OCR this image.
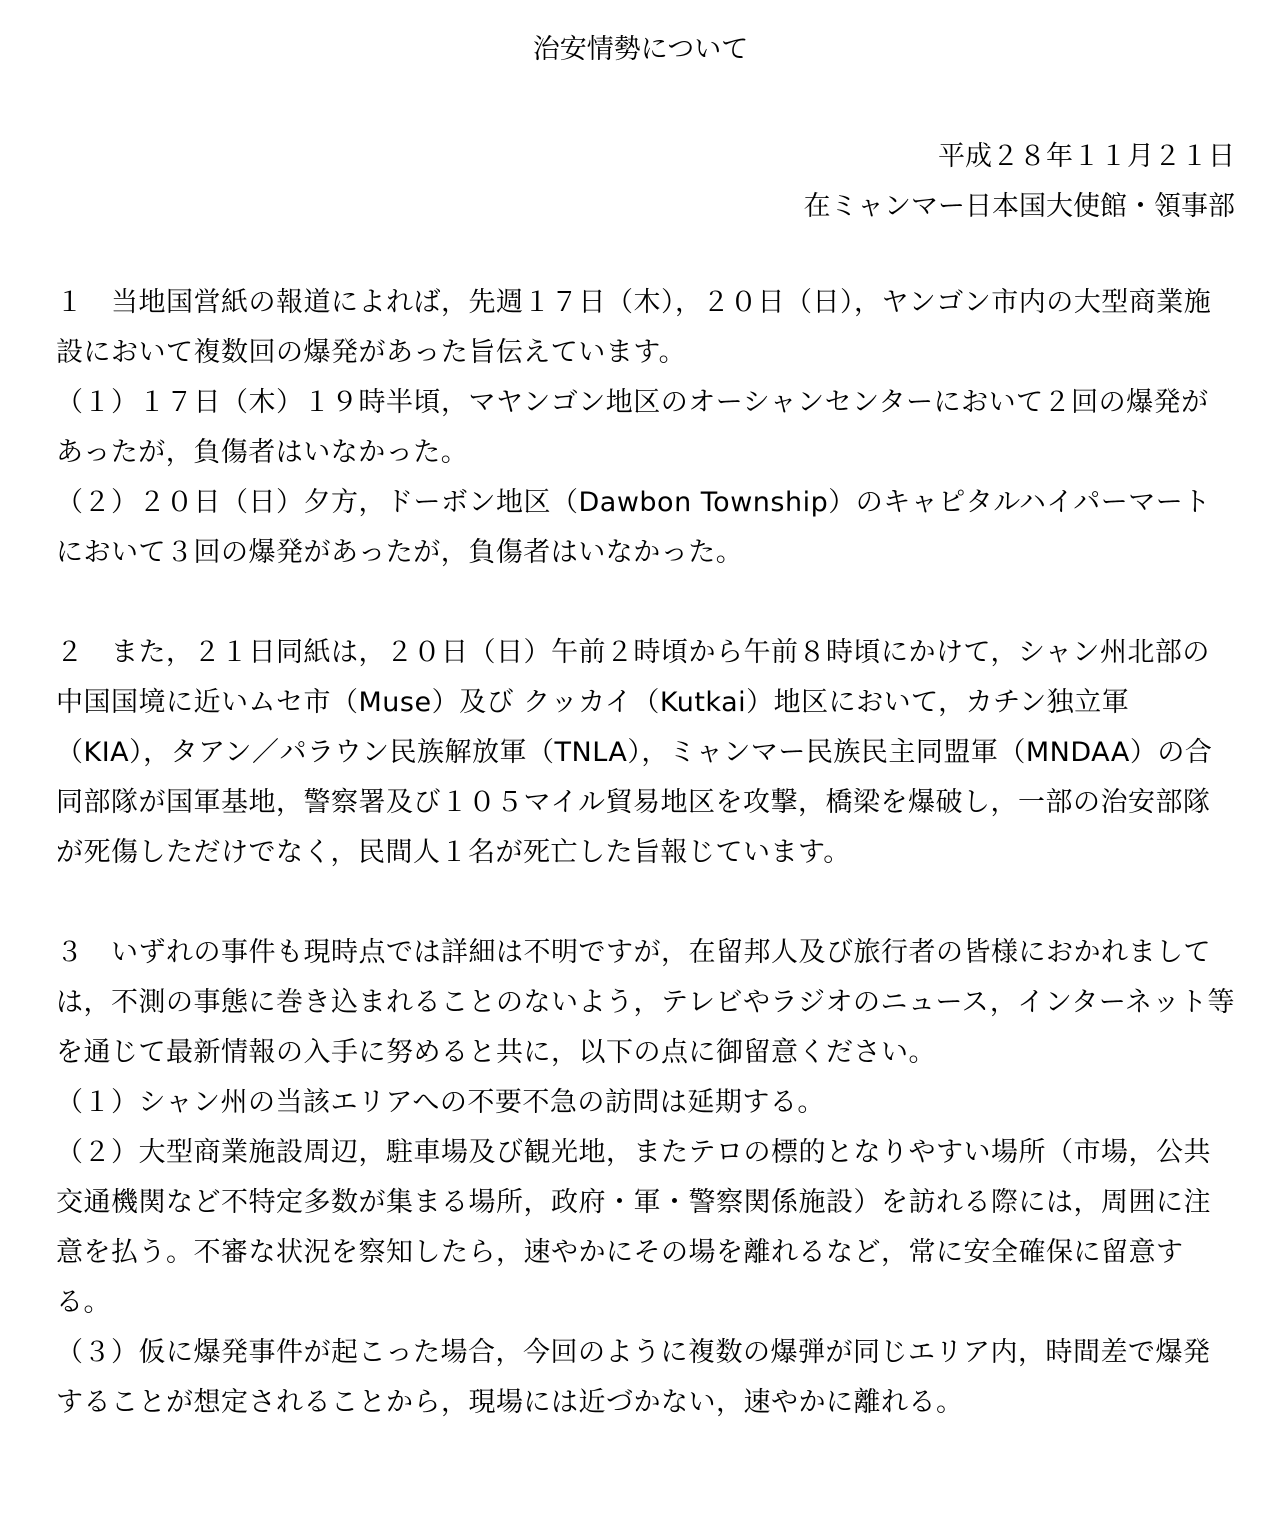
治安情勢について
平成２８年１１月２１日
在ミャンマー日本国大使館・領事部

１　当地国営紙の報道によれば，先週１７日（木），２０日（日），ヤンゴン市内の大型商業施設において複数回の爆発があった旨伝えています。

（１）１７日（木）１９時半頃，マヤンゴン地区のオーシャンセンターにおいて２回の爆発があったが，負傷者はいなかった。

（２）２０日（日）夕方，ドーボン地区（Dawbon Township）のキャピタルハイパーマートにおいて３回の爆発があったが，負傷者はいなかった。

２　また，２１日同紙は，２０日（日）午前２時頃から午前８時頃にかけて，シャン州北部の中国国境に近いムセ市（Muse）及び クッカイ（Kutkai）地区において，カチン独立軍（KIA），タアン／パラウン民族解放軍（TNLA），ミャンマー民族民主同盟軍（MNDAA）の合同部隊が国軍基地，警察署及び１０５マイル貿易地区を攻撃，橋梁を爆破し，一部の治安部隊が死傷しただけでなく，民間人１名が死亡した旨報じています。

３　いずれの事件も現時点では詳細は不明ですが，在留邦人及び旅行者の皆様におかれましては，不測の事態に巻き込まれることのないよう，テレビやラジオのニュース，インターネット等を通じて最新情報の入手に努めると共に，以下の点に御留意ください。

（１）シャン州の当該エリアへの不要不急の訪問は延期する。

（２）大型商業施設周辺，駐車場及び観光地，またテロの標的となりやすい場所（市場，公共交通機関など不特定多数が集まる場所，政府・軍・警察関係施設）を訪れる際には，周囲に注意を払う。不審な状況を察知したら，速やかにその場を離れるなど，常に安全確保に留意する。

（３）仮に爆発事件が起こった場合，今回のように複数の爆弾が同じエリア内，時間差で爆発することが想定されることから，現場には近づかない，速やかに離れる。
